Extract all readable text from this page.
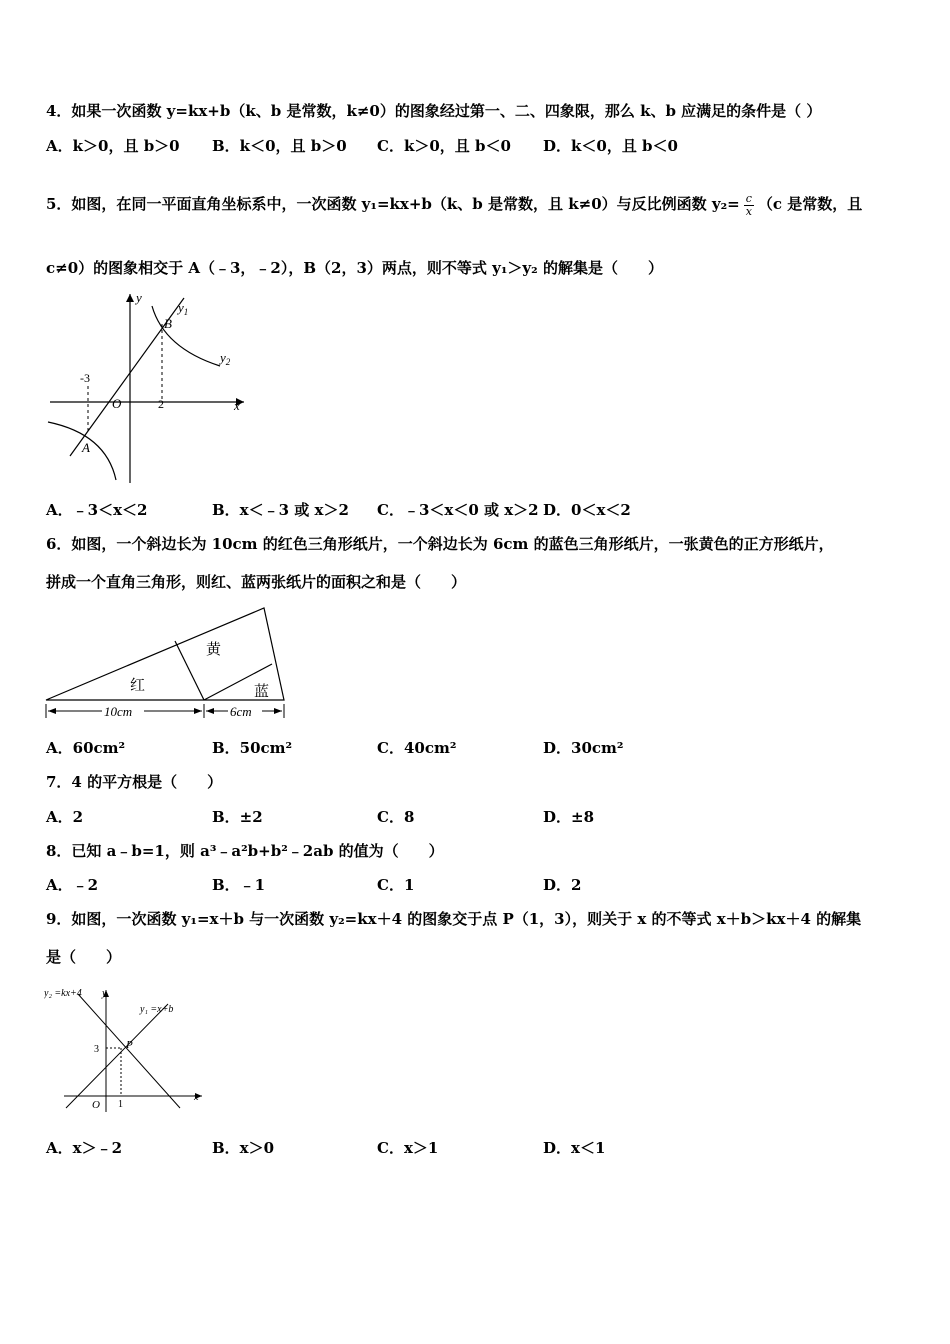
4．如果一次函数 y=kx+b（k、b 是常数，k≠0）的图象经过第一、二、四象限，那么 k、b 应满足的条件是（ ）
A．k＞0，且 b＞0 B．k＜0，且 b＞0 C．k＞0，且 b＜0 D．k＜0，且 b＜0
5．如图，在同一平面直角坐标系中，一次函数 y₁=kx+b（k、b 是常数，且 k≠0）与反比例函数 $y_2= \frac{c}{x} (c$ 是常数，且
c≠0）的图象相交于 A（﹣3，﹣2），B（2，3）两点，则不等式 y₁＞y₂ 的解集是（　　）
y
$y_1$
B
$y_2$
-3
O	2	x
A
A．﹣3＜x＜2	B．x＜﹣3 或 x＞2 C．﹣3＜x＜0 或 x＞2 D．0＜x＜2
6．如图，一个斜边长为 10cm 的红色三角形纸片，一个斜边长为 6cm 的蓝色三角形纸片，一张黄色的正方形纸片，
拼成一个直角三角形，则红、蓝两张纸片的面积之和是（　　）
黄
红	蓝
10cm	6cm
A．60cm²	B．50cm²	C．40cm²	D．30cm²
7．4 的平方根是（　　）
A．2	B．±2	C．8	D．±8
8．已知 a﹣b=1，则 a³﹣a²b+b²﹣2ab 的值为（　　）
A．﹣2	B．﹣1	C．1	D．2
9．如图，一次函数 y₁=x＋b 与一次函数 y₂=kx＋4 的图象交于点 P（1，3），则关于 x 的不等式 x＋b＞kx＋4 的解集
是（　　）
y₂ =kx+4 y
y₁ =x+b
P
3
O 1
x
A．x＞﹣2	B．x＞0	C．x＞1	D．x＜1
